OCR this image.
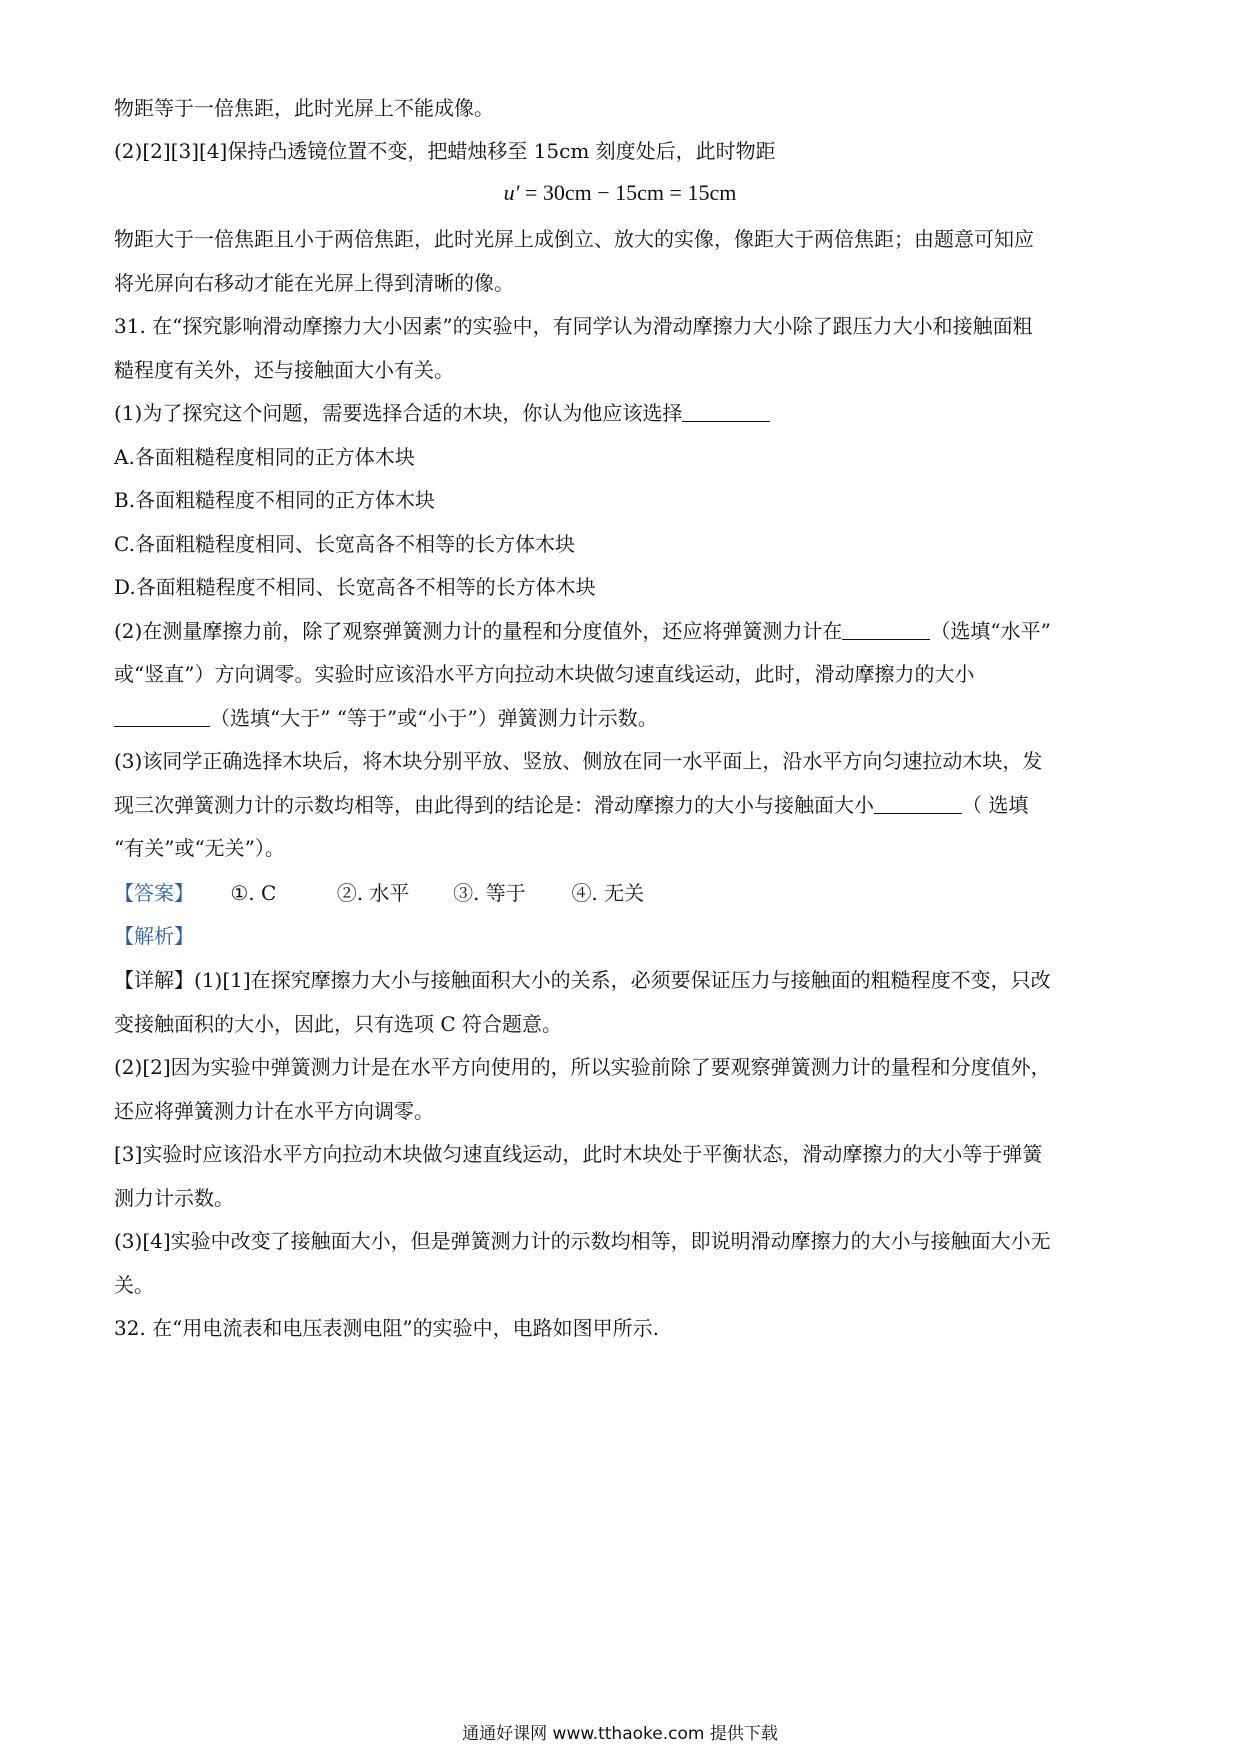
物距等于一倍焦距，此时光屏上不能成像。
(2)[2][3][4]保持凸透镜位置不变，把蜡烛移至 15cm 刻度处后，此时物距
u′ = 30cm − 15cm = 15cm
物距大于一倍焦距且小于两倍焦距，此时光屏上成倒立、放大的实像，像距大于两倍焦距；由题意可知应
将光屏向右移动才能在光屏上得到清晰的像。
31. 在“探究影响滑动摩擦力大小因素”的实验中，有同学认为滑动摩擦力大小除了跟压力大小和接触面粗
糙程度有关外，还与接触面大小有关。
(1)为了探究这个问题，需要选择合适的木块，你认为他应该选择
A.各面粗糙程度相同的正方体木块
B.各面粗糙程度不相同的正方体木块
C.各面粗糙程度相同、长宽高各不相等的长方体木块
D.各面粗糙程度不相同、长宽高各不相等的长方体木块
(2)在测量摩擦力前，除了观察弹簧测力计的量程和分度值外，还应将弹簧测力计在	（选填“水平”
或“竖直”）方向调零。实验时应该沿水平方向拉动木块做匀速直线运动，此时，滑动摩擦力的大小
（选填“大于” “等于”或“小于”）弹簧测力计示数。
(3)该同学正确选择木块后，将木块分别平放、竖放、侧放在同一水平面上，沿水平方向匀速拉动木块，发
现三次弹簧测力计的示数均相等，由此得到的结论是：滑动摩擦力的大小与接触面大小	（ 选填
“有关”或“无关”）。
【答案】 ①. C	②. 水平 ③. 等于 ④. 无关
【解析】
【详解】(1)[1]在探究摩擦力大小与接触面积大小的关系，必须要保证压力与接触面的粗糙程度不变，只改
变接触面积的大小，因此，只有选项 C 符合题意。
(2)[2]因为实验中弹簧测力计是在水平方向使用的，所以实验前除了要观察弹簧测力计的量程和分度值外，
还应将弹簧测力计在水平方向调零。
[3]实验时应该沿水平方向拉动木块做匀速直线运动，此时木块处于平衡状态，滑动摩擦力的大小等于弹簧
测力计示数。
(3)[4]实验中改变了接触面大小，但是弹簧测力计的示数均相等，即说明滑动摩擦力的大小与接触面大小无
关。
32. 在“用电流表和电压表测电阻”的实验中，电路如图甲所示.
通通好课网 www.tthaoke.com 提供下载
